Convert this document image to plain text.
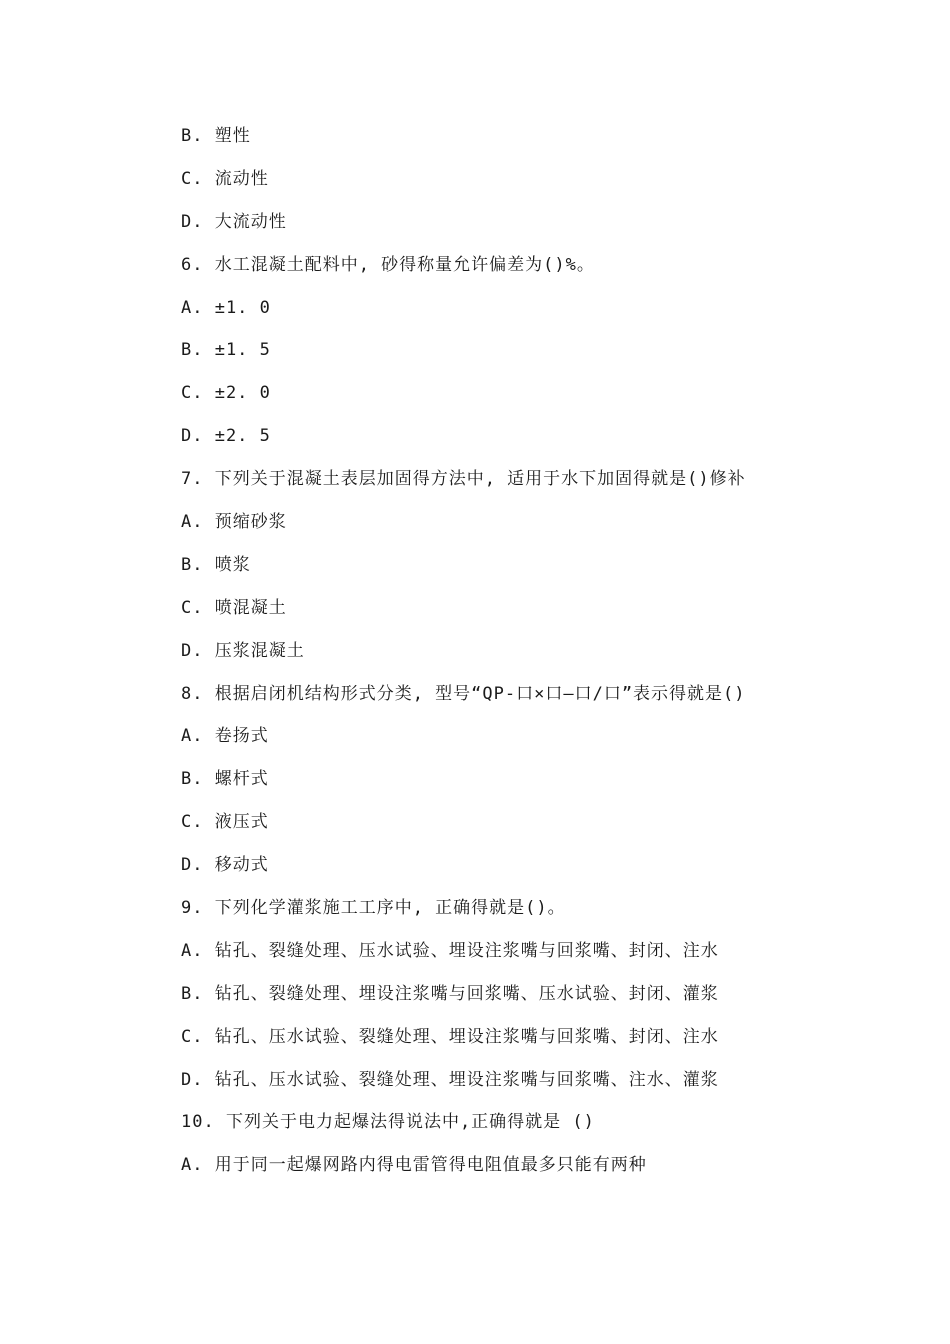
B. 塑性
C. 流动性
D. 大流动性
6. 水工混凝土配料中, 砂得称量允许偏差为()%。
A. ±1. 0
B. ±1. 5
C. ±2. 0
D. ±2. 5
7. 下列关于混凝土表层加固得方法中, 适用于水下加固得就是()修补
A. 预缩砂浆
B. 喷浆
C. 喷混凝土
D. 压浆混凝土
8. 根据启闭机结构形式分类, 型号“QP-口×口—口/口”表示得就是()
A. 卷扬式
B. 螺杆式
C. 液压式
D. 移动式
9. 下列化学灌浆施工工序中, 正确得就是()。
A. 钻孔、裂缝处理、压水试验、埋设注浆嘴与回浆嘴、封闭、注水
B. 钻孔、裂缝处理、埋设注浆嘴与回浆嘴、压水试验、封闭、灌浆
C. 钻孔、压水试验、裂缝处理、埋设注浆嘴与回浆嘴、封闭、注水
D. 钻孔、压水试验、裂缝处理、埋设注浆嘴与回浆嘴、注水、灌浆
10. 下列关于电力起爆法得说法中,正确得就是 ()
A. 用于同一起爆网路内得电雷管得电阻值最多只能有两种
